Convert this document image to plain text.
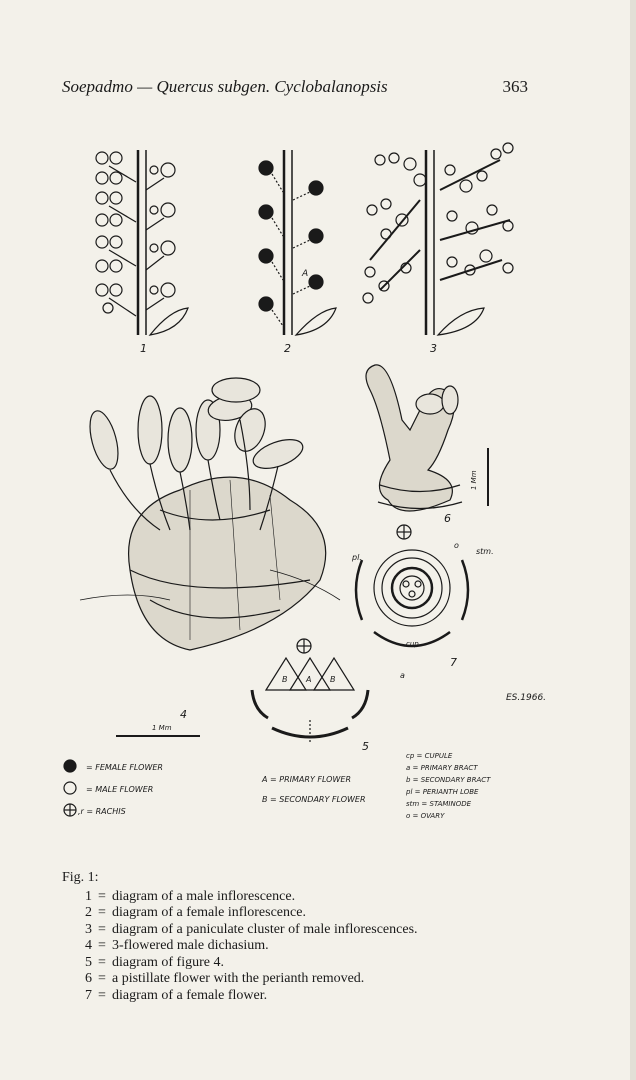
Soepadmo — Quercus subgen. Cyclobalanopsis	363
1
A
2	3
4
1 Mm
1 Mm
6
pl.
o
stm.
cup.
a
7
B A B
5
ES.1966.
= FEMALE FLOWER
= MALE FLOWER
,r = RACHIS
A = PRIMARY FLOWER
B = SECONDARY FLOWER
cp = CUPULE
a = PRIMARY BRACT
b = SECONDARY BRACT
pl = PERIANTH LOBE
stm = STAMINODE
o = OVARY
Fig. 1:
1 = diagram of a male inflorescence.
2 = diagram of a female inflorescence.
3 = diagram of a paniculate cluster of male inflorescences.
4 = 3-flowered male dichasium.
5 = diagram of figure 4.
6 = a pistillate flower with the perianth removed.
7 = diagram of a female flower.
